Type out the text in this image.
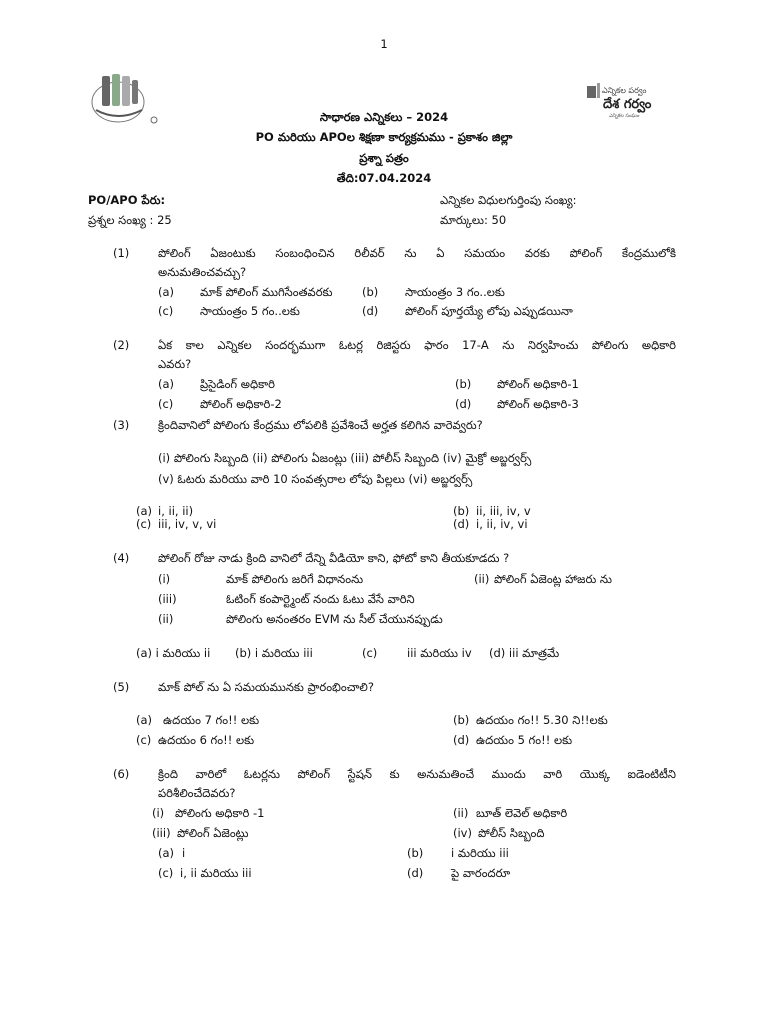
1
ఎన్నికల పర్వం
దేశ గర్వం
ఎన్నికల సంఘం
సాధారణ ఎన్నికలు – 2024
PO మరియు APOల శిక్షణా కార్యక్రమము - ప్రకాశం జిల్లా
ప్రశ్నా పత్రం
తేది:07.04.2024
PO/APO పేరు:	ఎన్నికల విధులగుర్తింపు సంఖ్య:
ప్రశ్నల సంఖ్య : 25	మార్కులు: 50
(1) పోలింగ్ ఏజంటుకు సంబంధించిన రిలీవర్ ను ఏ సమయం వరకు పోలింగ్ కేంద్రములోకి
అనుమతించవచ్చు?
(a) మాక్ పోలింగ్ ముగిసేంతవరకు	(b) సాయంత్రం 3 గం..లకు
(c) సాయంత్రం 5 గం..లకు	(d) పోలింగ్ పూర్తయ్యే లోపు ఎప్పుడయినా
(2) ఏక కాల ఎన్నికల సందర్భముగా ఓటర్ల రిజిస్టరు ఫారం 17-A ను నిర్వహించు పోలింగు అధికారి
ఎవరు?
(a) ప్రిసైడింగ్ అధికారి	(b) పోలింగ్ అధికారి-1
(c) పోలింగ్ అధికారి-2	(d) పోలింగ్ అధికారి-3
(3) క్రిందివానిలో పోలింగు కేంద్రము లోపలికి ప్రవేశించే అర్హత కలిగిన వారెవ్వరు?
(i) పోలింగు సిబ్బంది (ii) పోలింగు ఏజంట్లు (iii) పోలీస్ సిబ్బంది (iv) మైక్రో అబ్జర్వర్స్
(v) ఓటరు మరియు వారి 10 సంవత్సరాల లోపు పిల్లలు (vi) అబ్జర్వర్స్
(a) i, ii, ii)	(b) ii, iii, iv, v
(c) iii, iv, v, vi	(d) i, ii, iv, vi
(4) పోలింగ్ రోజు నాడు క్రింది వానిలో దేన్ని వీడియో కాని, ఫోటో కాని తీయకూడదు ?
(i)	మాక్ పోలింగు జరిగే విధానంను	(ii) పోలింగ్ ఏజెంట్ల హాజరు ను
(iii)	ఓటింగ్ కంపార్ట్మెంట్ నందు ఓటు వేసే వారిని
(ii)	పోలింగు అనంతరం EVM ను సీల్ చేయునప్పుడు
(a) i మరియు ii (b) i మరియు iii	(c)	iii మరియు iv (d) iii మాత్రమే
(5) మాక్ పోల్ ను ఏ సమయమునకు ప్రారంభించాలి?
(a) ఉదయం 7 గం!! లకు	(b) ఉదయం గం!! 5.30 ని!!లకు
(c) ఉదయం 6 గం!! లకు	(d) ఉదయం 5 గం!! లకు
(6) క్రింది వారిలో ఓటర్లను పోలింగ్ స్టేషన్ కు అనుమతించే ముందు వారి యొక్క ఐడెంటిటీని
పరిశీలించేదెవరు?
(i) పోలింగు అధికారి -1	(ii) బూత్ లెవెల్ అధికారి
(iii) పోలింగ్ ఏజెంట్లు	(iv) పోలీస్ సిబ్బంది
(a) i	(b) i మరియు iii
(c) i, ii మరియు iii	(d) పై వారందరూ
